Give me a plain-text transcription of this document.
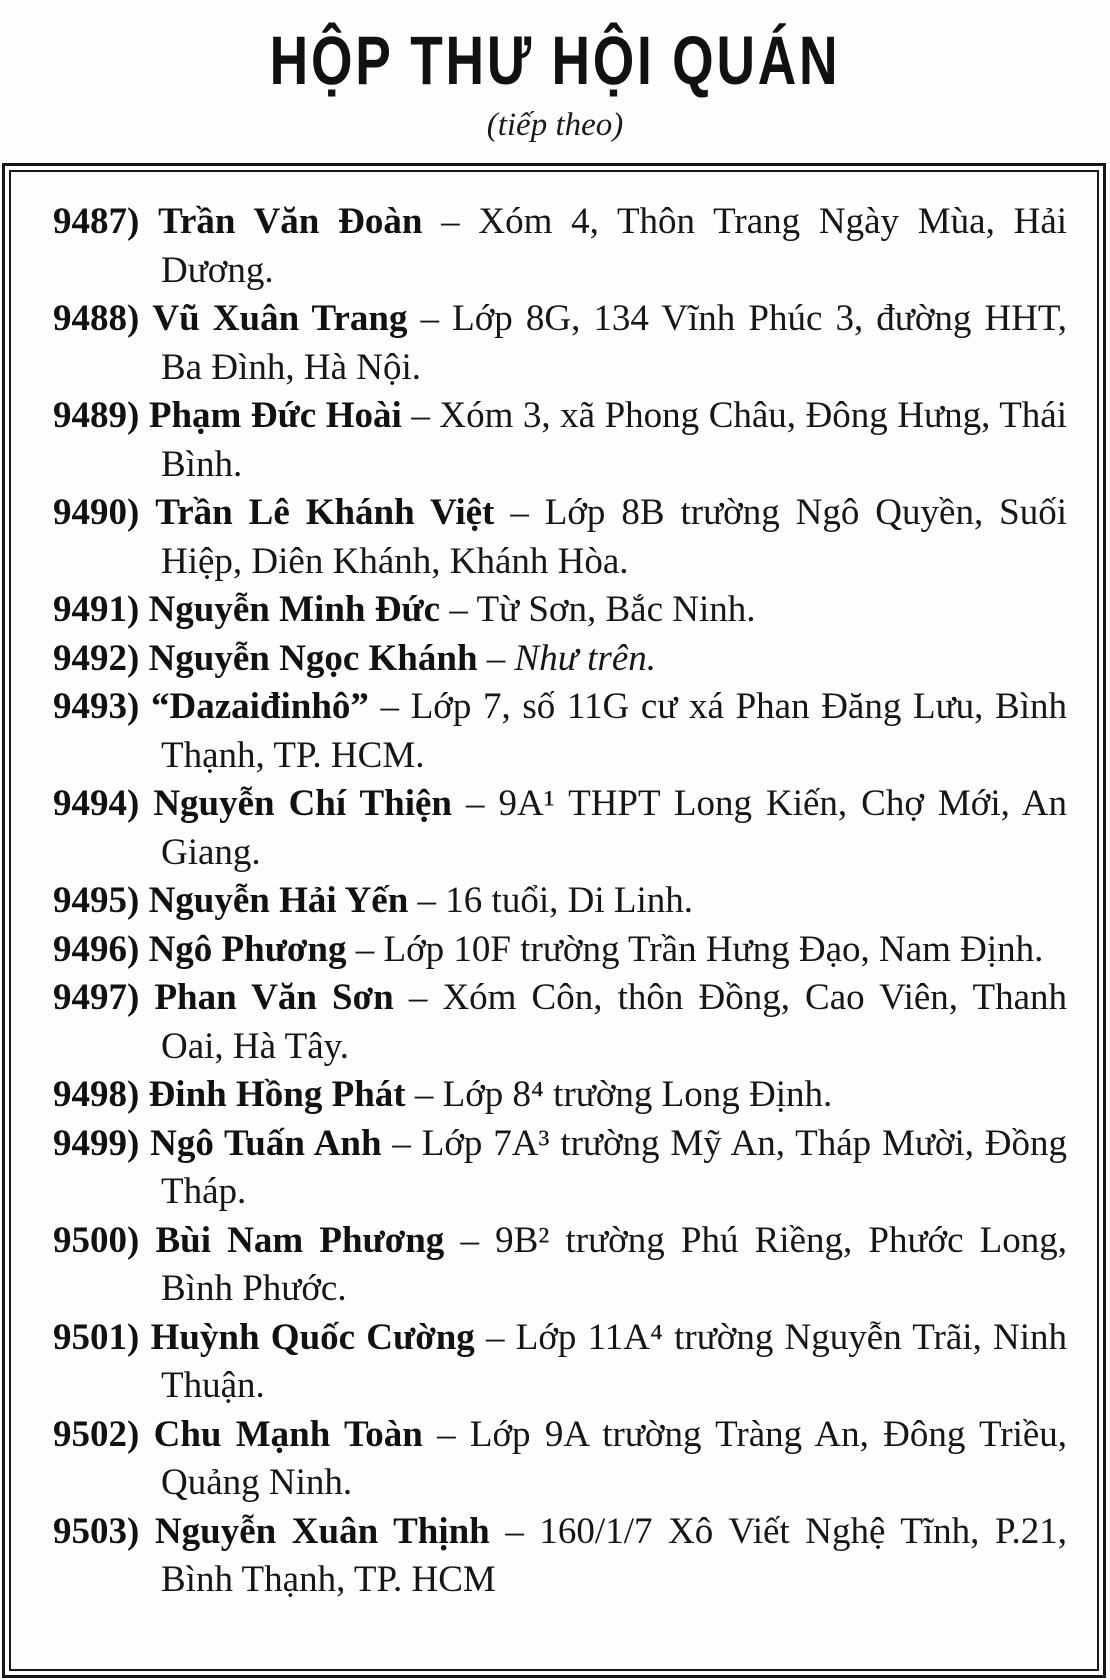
HỘP THƯ HỘI QUÁN
(tiếp theo)
9487) Trần Văn Đoàn – Xóm 4, Thôn Trang Ngày Mùa, Hải Dương.
9488) Vũ Xuân Trang – Lớp 8G, 134 Vĩnh Phúc 3, đường HHT, Ba Đình, Hà Nội.
9489) Phạm Đức Hoài – Xóm 3, xã Phong Châu, Đông Hưng, Thái Bình.
9490) Trần Lê Khánh Việt – Lớp 8B trường Ngô Quyền, Suối Hiệp, Diên Khánh, Khánh Hòa.
9491) Nguyễn Minh Đức – Từ Sơn, Bắc Ninh.
9492) Nguyễn Ngọc Khánh – Như trên.
9493) “Dazaiđinhô” – Lớp 7, số 11G cư xá Phan Đăng Lưu, Bình Thạnh, TP. HCM.
9494) Nguyễn Chí Thiện – 9A¹ THPT Long Kiến, Chợ Mới, An Giang.
9495) Nguyễn Hải Yến – 16 tuổi, Di Linh.
9496) Ngô Phương – Lớp 10F trường Trần Hưng Đạo, Nam Định.
9497) Phan Văn Sơn – Xóm Côn, thôn Đồng, Cao Viên, Thanh Oai, Hà Tây.
9498) Đinh Hồng Phát – Lớp 8⁴ trường Long Định.
9499) Ngô Tuấn Anh – Lớp 7A³ trường Mỹ An, Tháp Mười, Đồng Tháp.
9500) Bùi Nam Phương – 9B² trường Phú Riềng, Phước Long, Bình Phước.
9501) Huỳnh Quốc Cường – Lớp 11A⁴ trường Nguyễn Trãi, Ninh Thuận.
9502) Chu Mạnh Toàn – Lớp 9A trường Tràng An, Đông Triều, Quảng Ninh.
9503) Nguyễn Xuân Thịnh – 160/1/7 Xô Viết Nghệ Tĩnh, P.21, Bình Thạnh, TP. HCM
